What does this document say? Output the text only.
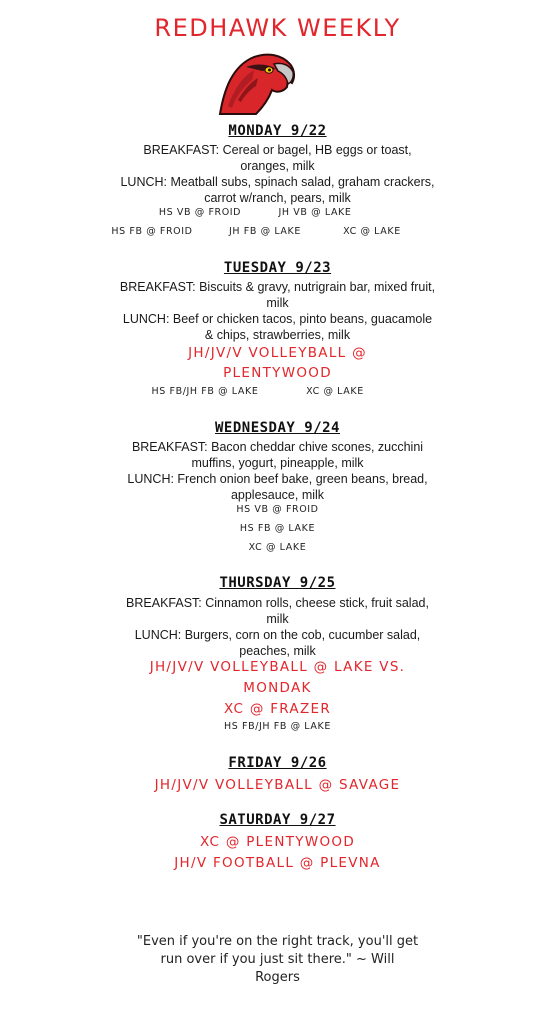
REDHAWK WEEKLY
MONDAY 9/22
BREAKFAST: Cereal or bagel, HB eggs or toast,
oranges, milk
LUNCH: Meatball subs, spinach salad, graham crackers,
carrot w/ranch, pears, milk
HS VB @ FROID	JH VB @ LAKE
HS FB @ FROID	JH FB @ LAKE	XC @ LAKE
TUESDAY 9/23
BREAKFAST: Biscuits & gravy, nutrigrain bar, mixed fruit,
milk
LUNCH: Beef or chicken tacos, pinto beans, guacamole
& chips, strawberries, milk
JH/JV/V VOLLEYBALL @
PLENTYWOOD
HS FB/JH FB @ LAKE	XC @ LAKE
WEDNESDAY 9/24
BREAKFAST: Bacon cheddar chive scones, zucchini
muffins, yogurt, pineapple, milk
LUNCH: French onion beef bake, green beans, bread,
applesauce, milk
HS VB @ FROID
HS FB @ LAKE
XC @ LAKE
THURSDAY 9/25
BREAKFAST: Cinnamon rolls, cheese stick, fruit salad,
milk
LUNCH: Burgers, corn on the cob, cucumber salad,
peaches, milk
JH/JV/V VOLLEYBALL @ LAKE VS.
MONDAK
XC @ FRAZER
HS FB/JH FB @ LAKE
FRIDAY 9/26
JH/JV/V VOLLEYBALL @ SAVAGE
SATURDAY 9/27
XC @ PLENTYWOOD
JH/V FOOTBALL @ PLEVNA
"Even if you're on the right track, you'll get
run over if you just sit there." ~ Will
Rogers
